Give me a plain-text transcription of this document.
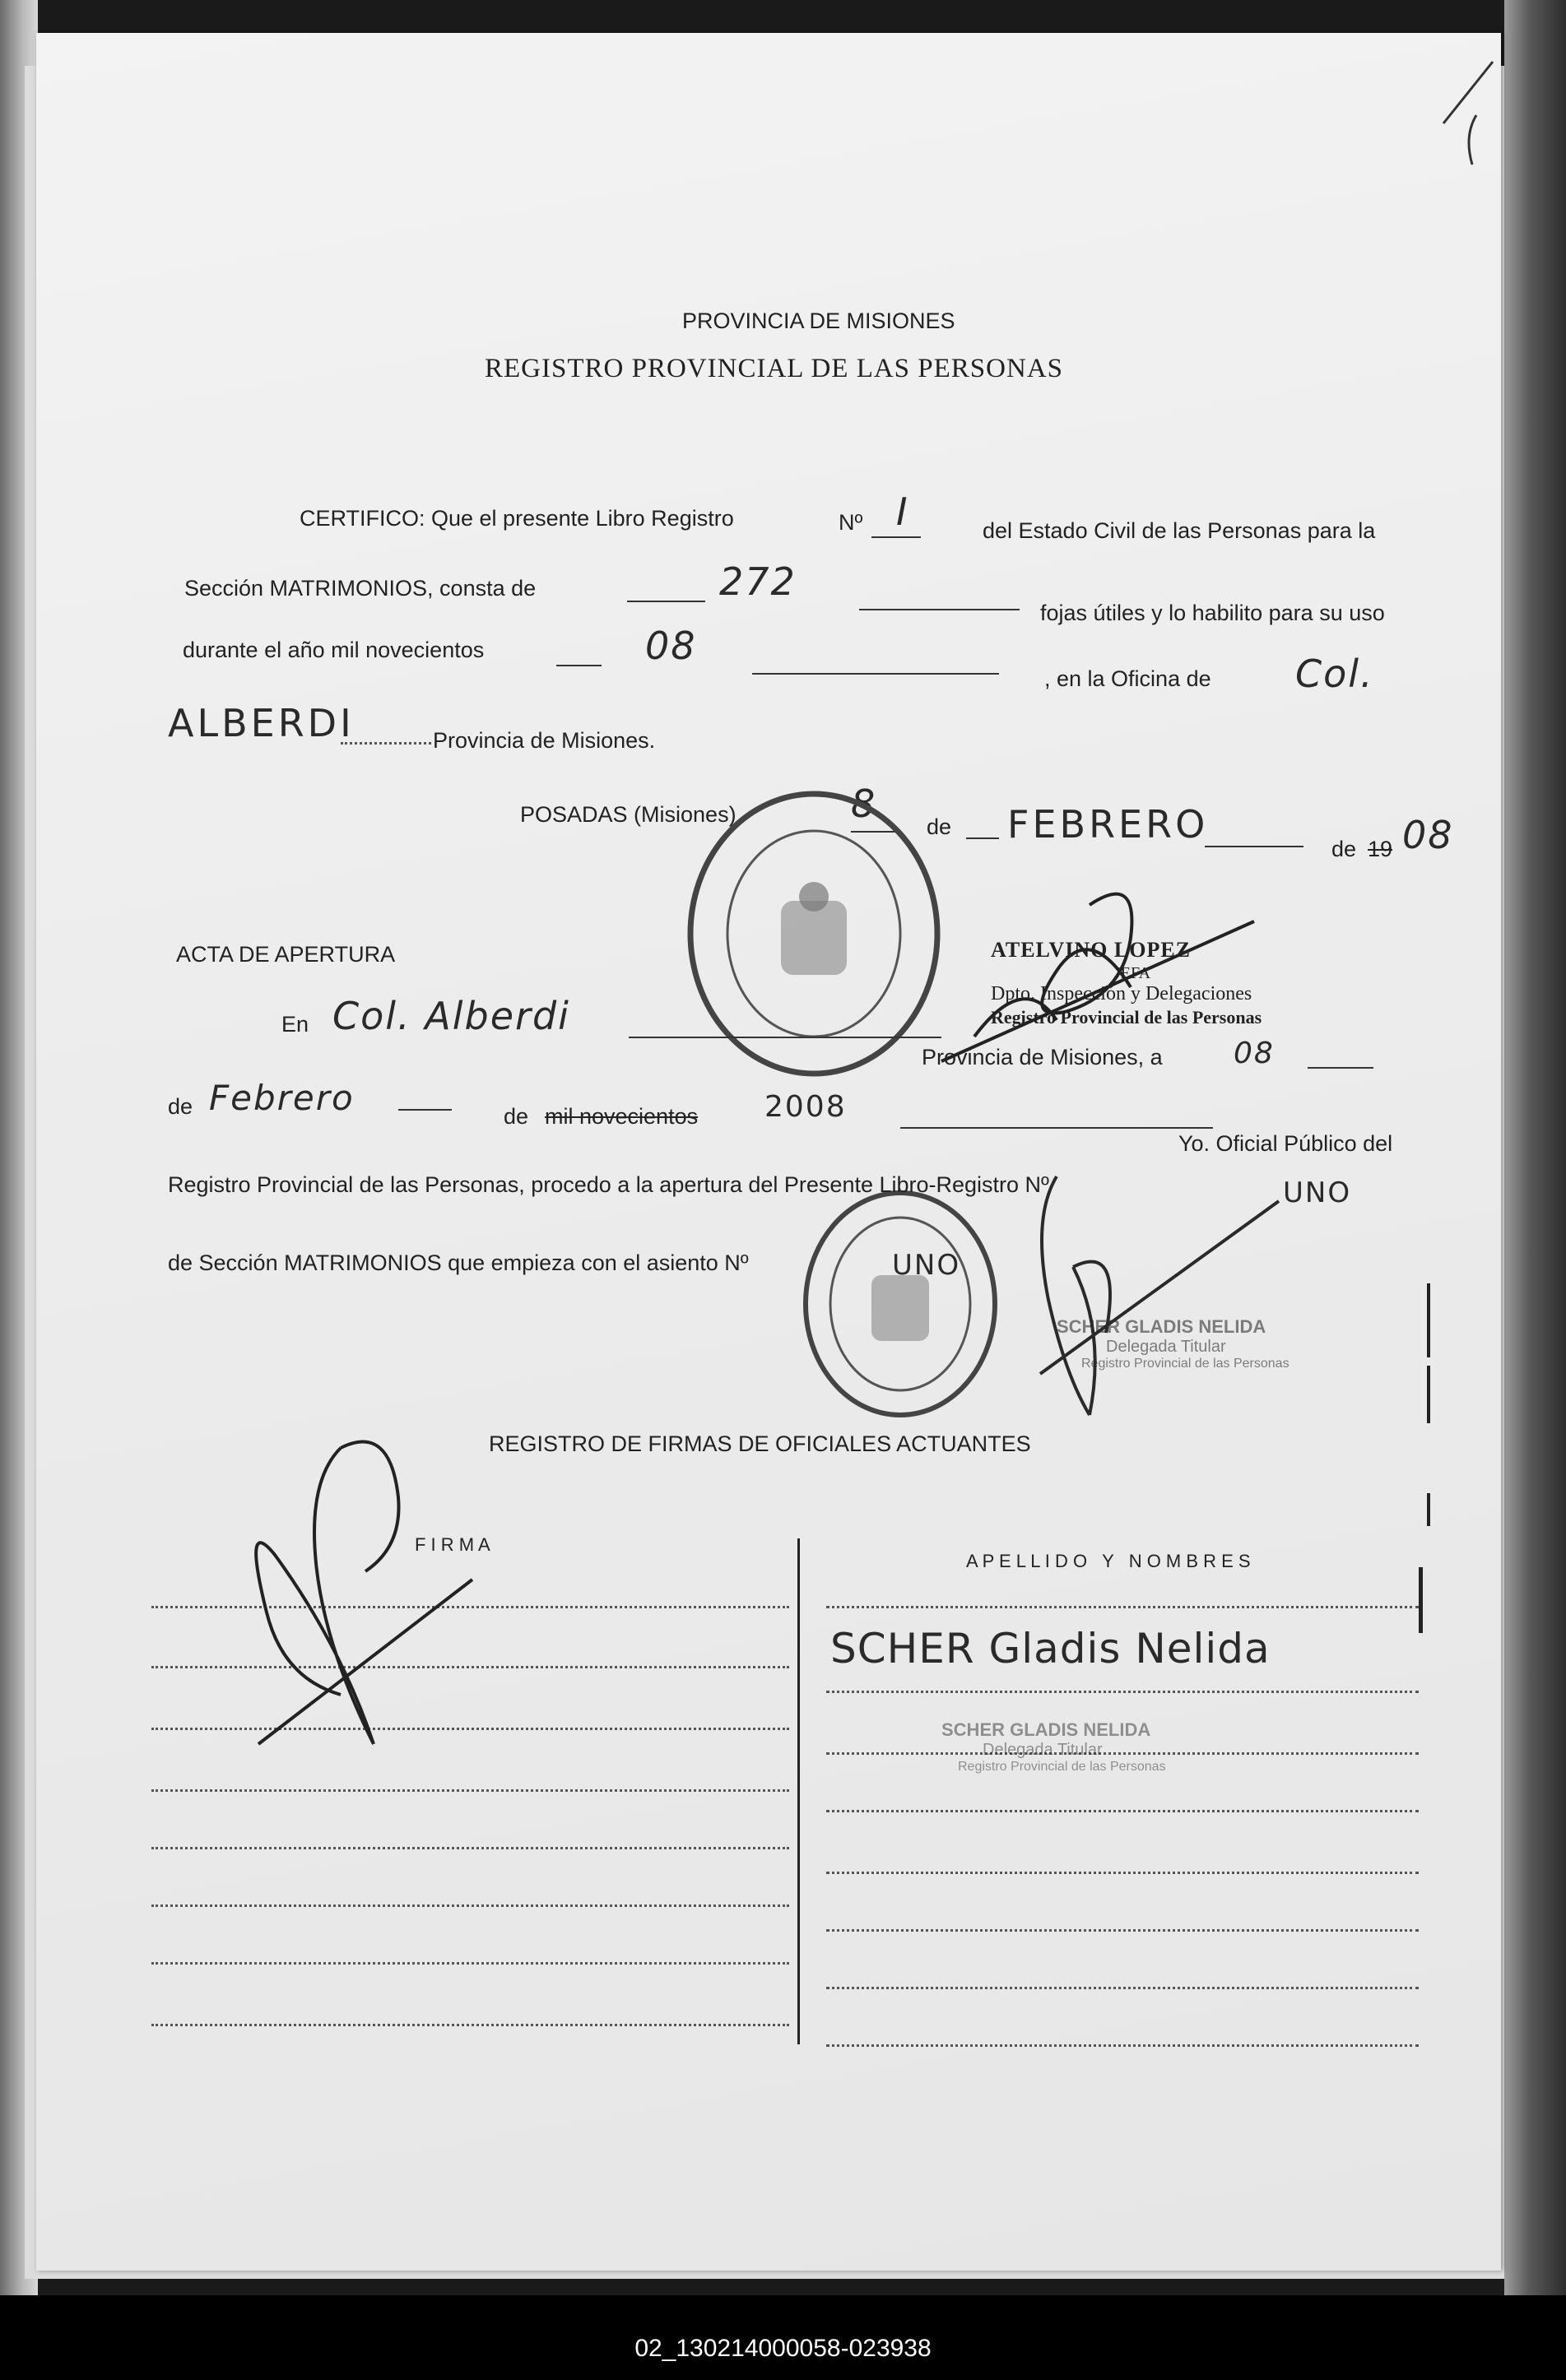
PROVINCIA DE MISIONES
REGISTRO PROVINCIAL DE LAS PERSONAS
CERTIFICO: Que el presente Libro Registro	Nº I	del Estado Civil de las Personas para la
Sección MATRIMONIOS, consta de	272
fojas útiles y lo habilito para su uso
durante el año mil novecientos	08
, en la Oficina de Col.
ALBERDI	Provincia de Misiones.
POSADAS (Misiones)	8
de FEBRERO
de 19 08
ATELVINO LOPEZ
JEFA
Dpto. Inspección y Delegaciones
Registro Provincial de las Personas
ACTA DE APERTURA
En Col. Alberdi
Provincia de Misiones, a 08
de Febrero	de mil novecientos 2008
Yo. Oficial Público del
Registro Provincial de las Personas, procedo a la apertura del Presente Libro-Registro Nº	UNO
de Sección MATRIMONIOS que empieza con el asiento Nº	UNO
SCHER GLADIS NELIDA
Delegada Titular
Registro Provincial de las Personas
REGISTRO DE FIRMAS DE OFICIALES ACTUANTES
F I R M A
A P E L L I D O   Y   N O M B R E S
SCHER Gladis Nelida
SCHER GLADIS NELIDA
Delegada Titular
Registro Provincial de las Personas
02_130214000058-023938
